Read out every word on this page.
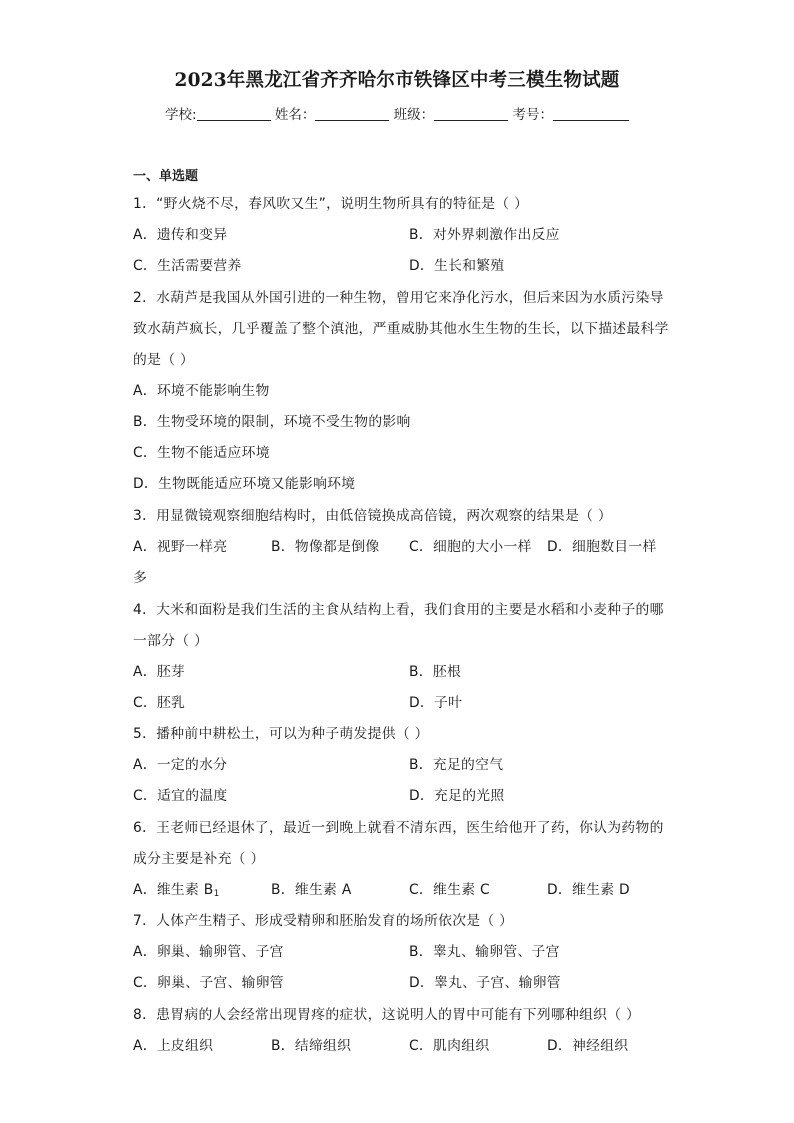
2023年黑龙江省齐齐哈尔市铁锋区中考三模生物试题
学校:	姓名：	班级：	考号：
一、单选题
1．“野火烧不尽，春风吹又生”，说明生物所具有的特征是（ ）
A．遗传和变异	B．对外界刺激作出反应
C．生活需要营养	D．生长和繁殖
2．水葫芦是我国从外国引进的一种生物，曾用它来净化污水，但后来因为水质污染导
致水葫芦疯长，几乎覆盖了整个滇池，严重威胁其他水生生物的生长，以下描述最科学
的是（ ）
A．环境不能影响生物
B．生物受环境的限制，环境不受生物的影响
C．生物不能适应环境
D．生物既能适应环境又能影响环境
3．用显微镜观察细胞结构时，由低倍镜换成高倍镜，两次观察的结果是（ ）
A．视野一样亮	B．物像都是倒像 C．细胞的大小一样 D．细胞数目一样
多
4．大米和面粉是我们生活的主食从结构上看，我们食用的主要是水稻和小麦种子的哪
一部分（ ）
A．胚芽	B．胚根
C．胚乳	D．子叶
5．播种前中耕松土，可以为种子萌发提供（ ）
A．一定的水分	B．充足的空气
C．适宜的温度	D．充足的光照
6．王老师已经退休了，最近一到晚上就看不清东西，医生给他开了药，你认为药物的
成分主要是补充（ ）
A．维生素 $B_1$	B．维生素 A	C．维生素 C	D．维生素 D
7．人体产生精子、形成受精卵和胚胎发育的场所依次是（ ）
A．卵巢、输卵管、子宫	B．睾丸、输卵管、子宫
C．卵巢、子宫、输卵管	D．睾丸、子宫、输卵管
8．患胃病的人会经常出现胃疼的症状，这说明人的胃中可能有下列哪种组织（ ）
A．上皮组织	B．结缔组织	C．肌肉组织	D．神经组织
